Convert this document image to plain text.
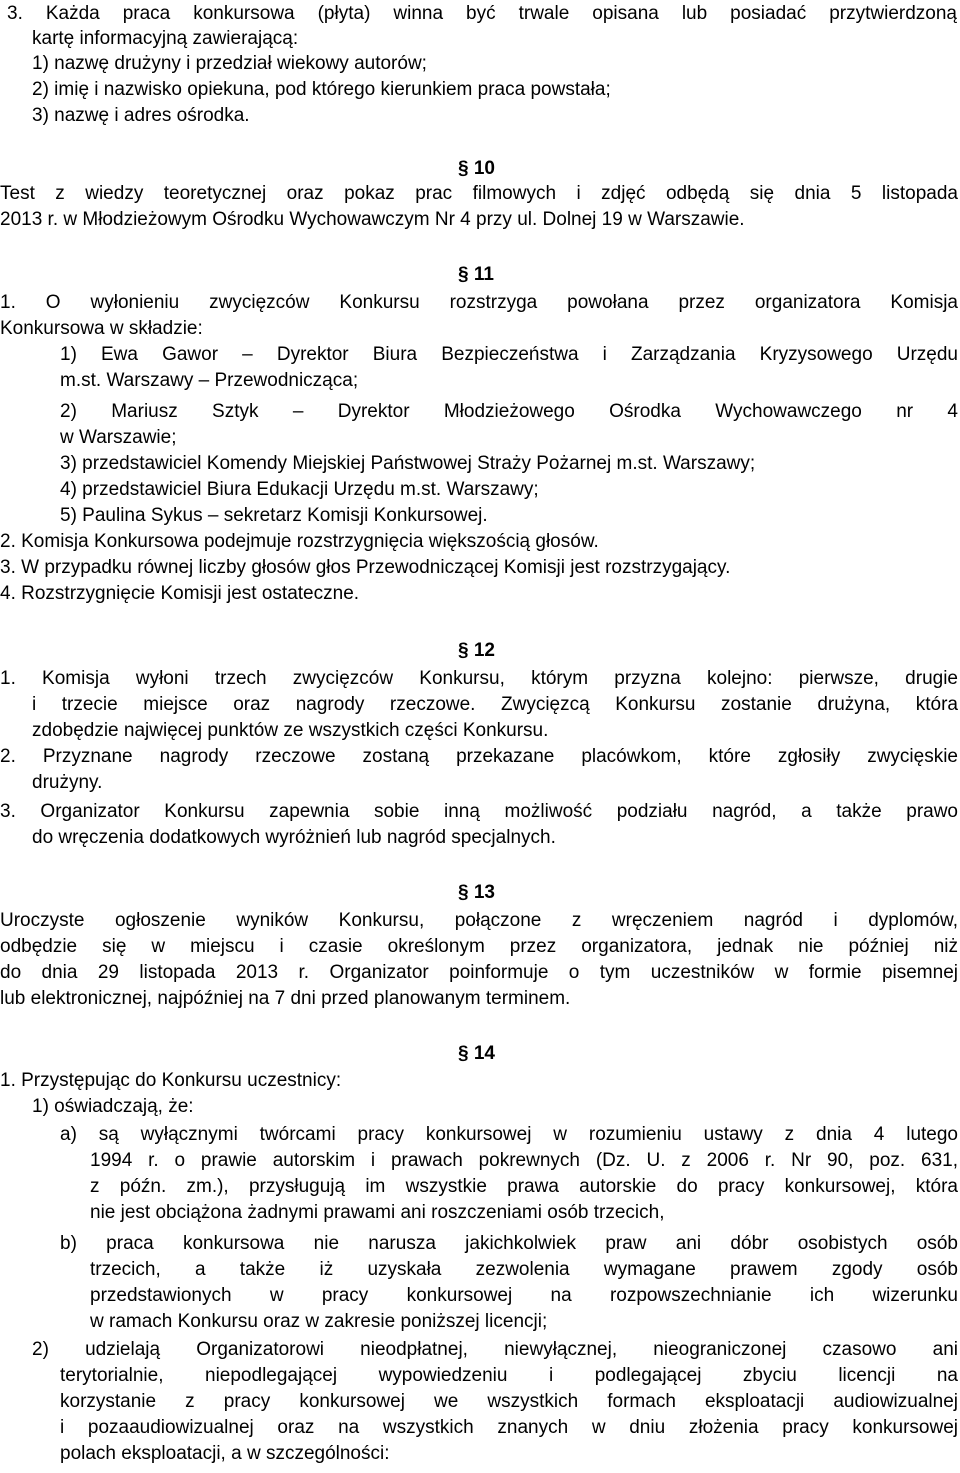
3. Każda praca konkursowa (płyta) winna być trwale opisana lub posiadać przytwierdzoną
kartę informacyjną zawierającą:
1) nazwę drużyny i przedział wiekowy autorów;
2) imię i nazwisko opiekuna, pod którego kierunkiem praca powstała;
3) nazwę i adres ośrodka.
§ 10
Test z wiedzy teoretycznej oraz pokaz prac filmowych i zdjęć odbędą się dnia 5 listopada
2013 r. w Młodzieżowym Ośrodku Wychowawczym Nr 4 przy ul. Dolnej 19 w Warszawie.
§ 11
1. O wyłonieniu zwycięzców Konkursu rozstrzyga powołana przez organizatora Komisja
Konkursowa w składzie:
1) Ewa Gawor – Dyrektor Biura Bezpieczeństwa i Zarządzania Kryzysowego Urzędu
m.st. Warszawy – Przewodnicząca;
2) Mariusz Sztyk – Dyrektor Młodzieżowego Ośrodka Wychowawczego nr 4
w Warszawie;
3) przedstawiciel Komendy Miejskiej Państwowej Straży Pożarnej m.st. Warszawy;
4) przedstawiciel Biura Edukacji Urzędu m.st. Warszawy;
5) Paulina Sykus – sekretarz Komisji Konkursowej.
2. Komisja Konkursowa podejmuje rozstrzygnięcia większością głosów.
3. W przypadku równej liczby głosów głos Przewodniczącej Komisji jest rozstrzygający.
4. Rozstrzygnięcie Komisji jest ostateczne.
§ 12
1. Komisja wyłoni trzech zwycięzców Konkursu, którym przyzna kolejno: pierwsze, drugie
i trzecie miejsce oraz nagrody rzeczowe. Zwycięzcą Konkursu zostanie drużyna, która
zdobędzie najwięcej punktów ze wszystkich części Konkursu.
2. Przyznane nagrody rzeczowe zostaną przekazane placówkom, które zgłosiły zwycięskie
drużyny.
3. Organizator Konkursu zapewnia sobie inną możliwość podziału nagród, a także prawo
do wręczenia dodatkowych wyróżnień lub nagród specjalnych.
§ 13
Uroczyste ogłoszenie wyników Konkursu, połączone z wręczeniem nagród i dyplomów,
odbędzie się w miejscu i czasie określonym przez organizatora, jednak nie później niż
do dnia 29 listopada 2013 r. Organizator poinformuje o tym uczestników w formie pisemnej
lub elektronicznej, najpóźniej na 7 dni przed planowanym terminem.
§ 14
1. Przystępując do Konkursu uczestnicy:
1) oświadczają, że:
a) są wyłącznymi twórcami pracy konkursowej w rozumieniu ustawy z dnia 4 lutego
1994 r. o prawie autorskim i prawach pokrewnych (Dz. U. z 2006 r. Nr 90, poz. 631,
z późn. zm.), przysługują im wszystkie prawa autorskie do pracy konkursowej, która
nie jest obciążona żadnymi prawami ani roszczeniami osób trzecich,
b) praca konkursowa nie narusza jakichkolwiek praw ani dóbr osobistych osób
trzecich, a także iż uzyskała zezwolenia wymagane prawem zgody osób
przedstawionych w pracy konkursowej na rozpowszechnianie ich wizerunku
w ramach Konkursu oraz w zakresie poniższej licencji;
2) udzielają Organizatorowi nieodpłatnej, niewyłącznej, nieograniczonej czasowo ani
terytorialnie, niepodlegającej wypowiedzeniu i podlegającej zbyciu licencji na
korzystanie z pracy konkursowej we wszystkich formach eksploatacji audiowizualnej
i pozaaudiowizualnej oraz na wszystkich znanych w dniu złożenia pracy konkursowej
polach eksploatacji, a w szczególności:
